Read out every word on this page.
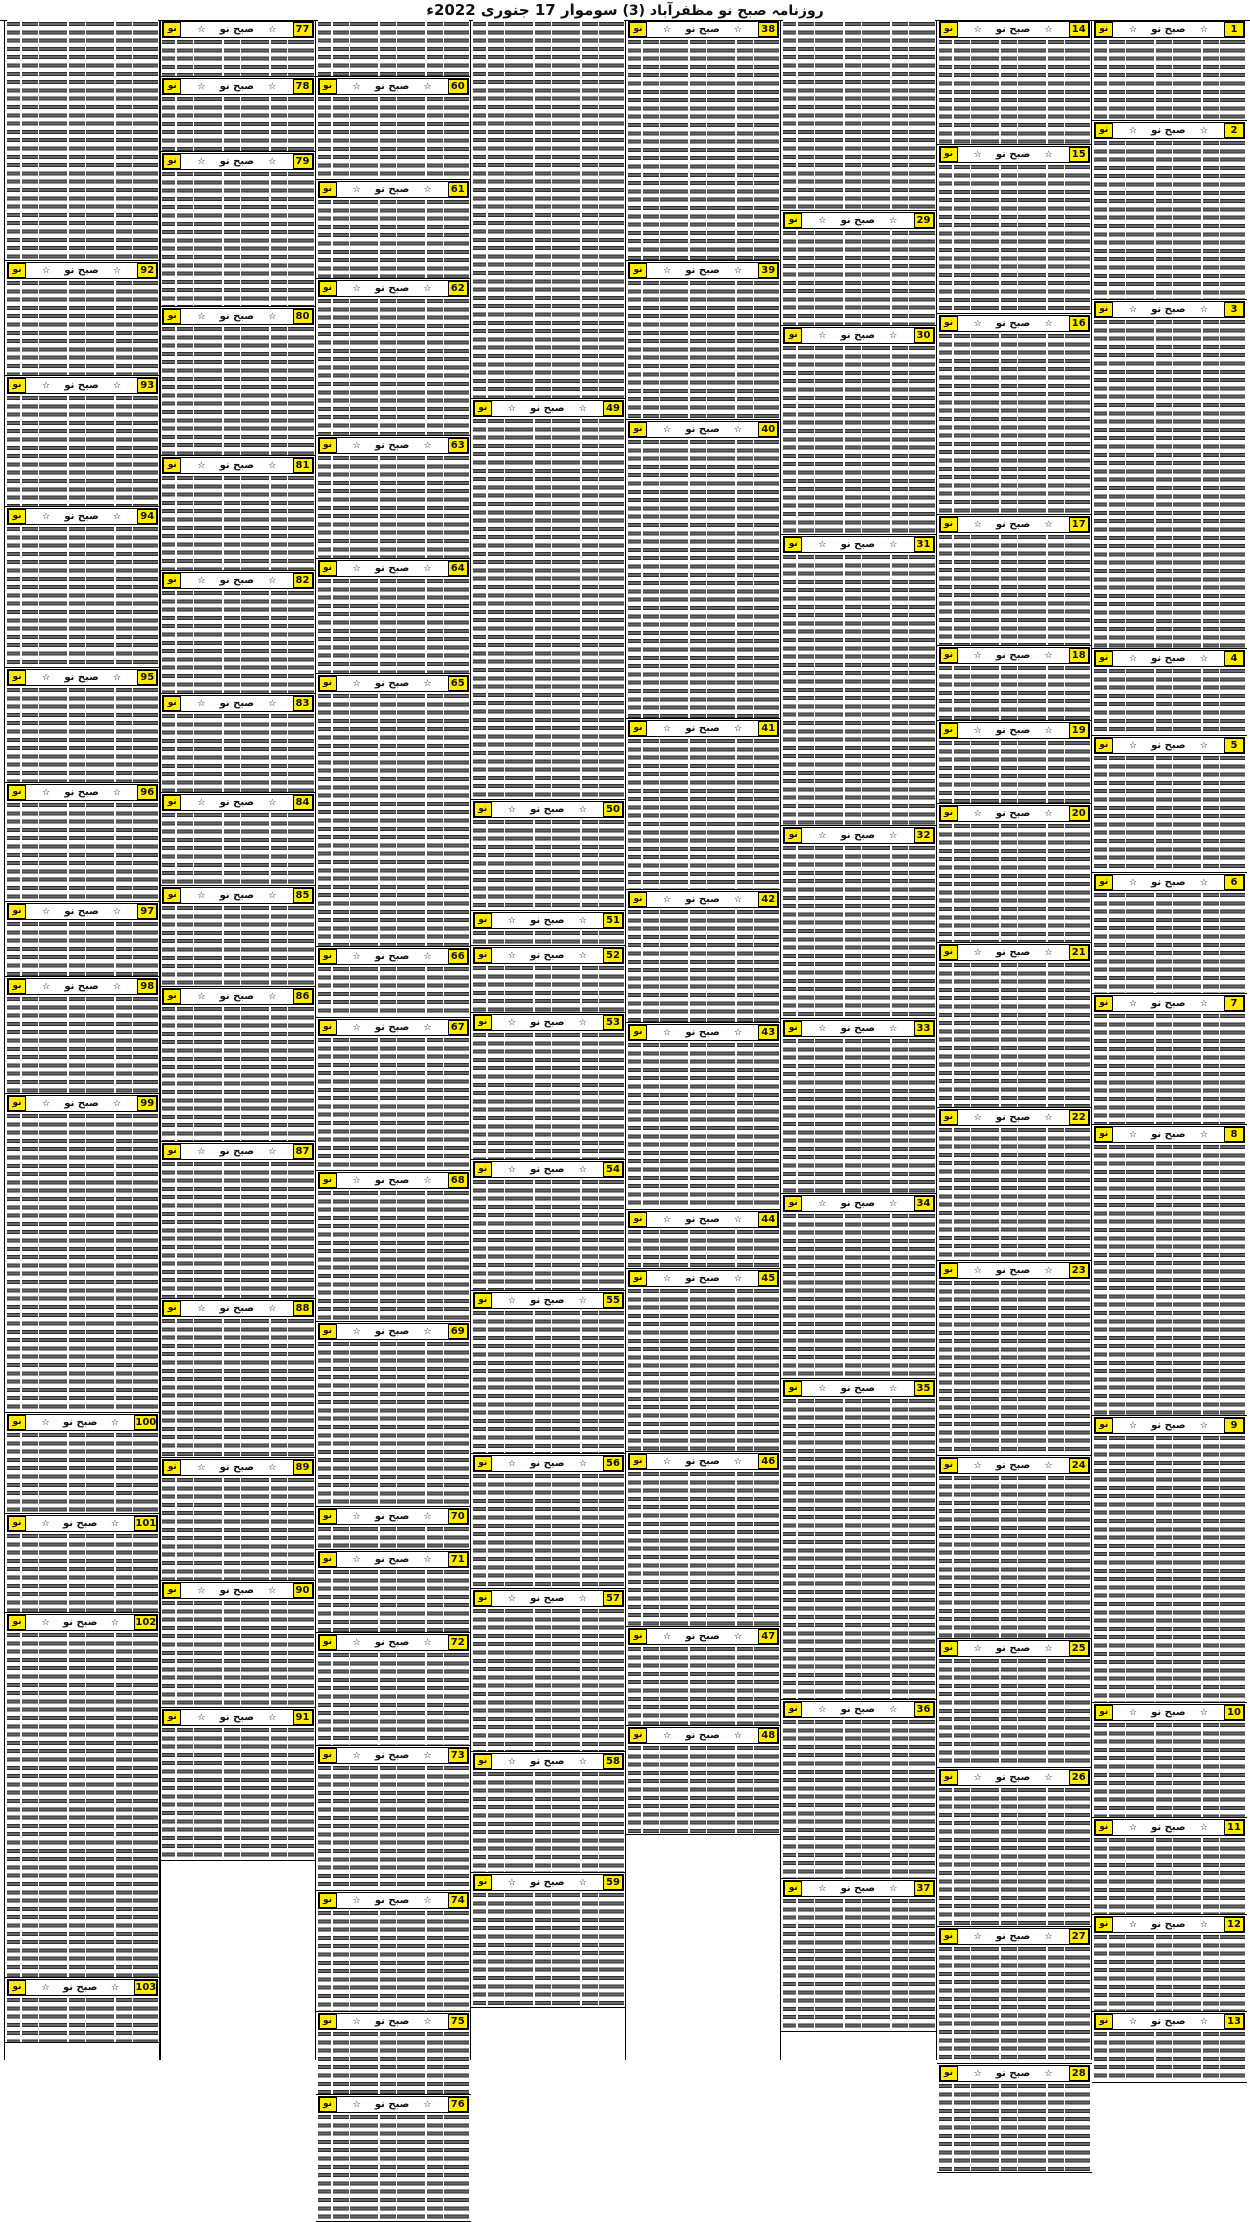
روزنامہ صبح نو مظفرآباد (3) سوموار 17 جنوری 2022ء
نو	☆ صبح نو ☆	1
نو	☆ صبح نو ☆	2
نو	☆ صبح نو ☆	3
نو	☆ صبح نو ☆	4
نو	☆ صبح نو ☆	5
نو	☆ صبح نو ☆	6
نو	☆ صبح نو ☆	7
نو	☆ صبح نو ☆	8
نو	☆ صبح نو ☆	9
نو	☆ صبح نو ☆	10
نو	☆ صبح نو ☆	11
نو	☆ صبح نو ☆	12
نو	☆ صبح نو ☆	13
نو	☆ صبح نو ☆	14
نو	☆ صبح نو ☆	15
نو	☆ صبح نو ☆	16
نو	☆ صبح نو ☆	17
نو	☆ صبح نو ☆	18
نو	☆ صبح نو ☆	19
نو	☆ صبح نو ☆	20
نو	☆ صبح نو ☆	21
نو	☆ صبح نو ☆	22
نو	☆ صبح نو ☆	23
نو	☆ صبح نو ☆	24
نو	☆ صبح نو ☆	25
نو	☆ صبح نو ☆	26
نو	☆ صبح نو ☆	27
نو	☆ صبح نو ☆	28
نو	☆ صبح نو ☆	29
نو	☆ صبح نو ☆	30
نو	☆ صبح نو ☆	31
نو	☆ صبح نو ☆	32
نو	☆ صبح نو ☆	33
نو	☆ صبح نو ☆	34
نو	☆ صبح نو ☆	35
نو	☆ صبح نو ☆	36
نو	☆ صبح نو ☆	37
نو	☆ صبح نو ☆	38
نو	☆ صبح نو ☆	39
نو	☆ صبح نو ☆	40
نو	☆ صبح نو ☆	41
نو	☆ صبح نو ☆	42
نو	☆ صبح نو ☆	43
نو	☆ صبح نو ☆	44
نو	☆ صبح نو ☆	45
نو	☆ صبح نو ☆	46
نو	☆ صبح نو ☆	47
نو	☆ صبح نو ☆	48
نو	☆ صبح نو ☆	49
نو	☆ صبح نو ☆	50
نو	☆ صبح نو ☆	51
نو	☆ صبح نو ☆	52
نو	☆ صبح نو ☆	53
نو	☆ صبح نو ☆	54
نو	☆ صبح نو ☆	55
نو	☆ صبح نو ☆	56
نو	☆ صبح نو ☆	57
نو	☆ صبح نو ☆	58
نو	☆ صبح نو ☆	59
نو	☆ صبح نو ☆	60
نو	☆ صبح نو ☆	61
نو	☆ صبح نو ☆	62
نو	☆ صبح نو ☆	63
نو	☆ صبح نو ☆	64
نو	☆ صبح نو ☆	65
نو	☆ صبح نو ☆	66
نو	☆ صبح نو ☆	67
نو	☆ صبح نو ☆	68
نو	☆ صبح نو ☆	69
نو	☆ صبح نو ☆	70
نو	☆ صبح نو ☆	71
نو	☆ صبح نو ☆	72
نو	☆ صبح نو ☆	73
نو	☆ صبح نو ☆	74
نو	☆ صبح نو ☆	75
نو	☆ صبح نو ☆	76
نو	☆ صبح نو ☆	77
نو	☆ صبح نو ☆	78
نو	☆ صبح نو ☆	79
نو	☆ صبح نو ☆	80
نو	☆ صبح نو ☆	81
نو	☆ صبح نو ☆	82
نو	☆ صبح نو ☆	83
نو	☆ صبح نو ☆	84
نو	☆ صبح نو ☆	85
نو	☆ صبح نو ☆	86
نو	☆ صبح نو ☆	87
نو	☆ صبح نو ☆	88
نو	☆ صبح نو ☆	89
نو	☆ صبح نو ☆	90
نو	☆ صبح نو ☆	91
نو	☆ صبح نو ☆	92
نو	☆ صبح نو ☆	93
نو	☆ صبح نو ☆	94
نو	☆ صبح نو ☆	95
نو	☆ صبح نو ☆	96
نو	☆ صبح نو ☆	97
نو	☆ صبح نو ☆	98
نو	☆ صبح نو ☆	99
نو	☆ صبح نو ☆ 100
نو	☆ صبح نو ☆ 101
نو	☆ صبح نو ☆ 102
نو	☆ صبح نو ☆ 103
